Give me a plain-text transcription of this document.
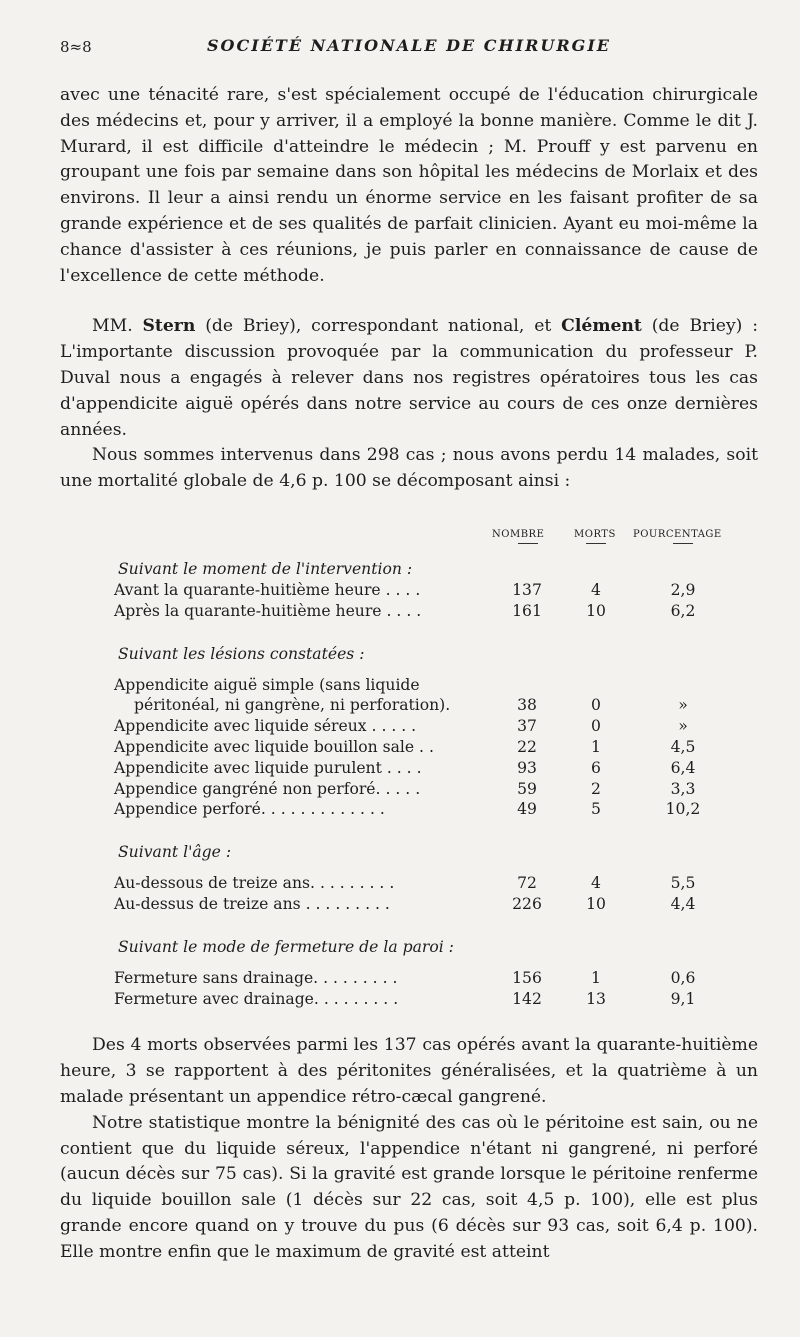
8≈8	SOCIÉTÉ NATIONALE DE CHIRURGIE

avec une ténacité rare, s'est spécialement occupé de l'éducation chirurgicale des médecins et, pour y arriver, il a employé la bonne manière. Comme le dit J. Murard, il est difficile d'atteindre le médecin ; M. Prouff y est parvenu en groupant une fois par semaine dans son hôpital les médecins de Morlaix et des environs. Il leur a ainsi rendu un énorme service en les faisant profiter de sa grande expérience et de ses qualités de parfait clinicien. Ayant eu moi-même la chance d'assister à ces réunions, je puis parler en connaissance de cause de l'excellence de cette méthode.

MM. Stern (de Briey), correspondant national, et Clément (de Briey) : L'importante discussion provoquée par la communication du professeur P. Duval nous a engagés à relever dans nos registres opératoires tous les cas d'appendicite aiguë opérés dans notre service au cours de ces onze dernières années.

Nous sommes intervenus dans 298 cas ; nous avons perdu 14 malades, soit une mortalité globale de 4,6 p. 100 se décomposant ainsi :

NOMBRE	MORTS POURCENTAGE
Suivant le moment de l'intervention :
Avant la quarante-huitième heure . . . .	137	4	2,9
Après la quarante-huitième heure . . . .	161	10	6,2
Suivant les lésions constatées :
Appendicite aiguë simple (sans liquide
péritonéal, ni gangrène, ni perforation).	38	0	»
Appendicite avec liquide séreux . . . . .	37	0	»
Appendicite avec liquide bouillon sale . .	22	1	4,5
Appendicite avec liquide purulent . . . .	93	6	6,4
Appendice gangréné non perforé. . . . .	59	2	3,3
Appendice perforé. . . . . . . . . . . . .	49	5	10,2
Suivant l'âge :
Au-dessous de treize ans. . . . . . . . .	72	4	5,5
Au-dessus de treize ans . . . . . . . . .	226	10	4,4
Suivant le mode de fermeture de la paroi :
Fermeture sans drainage. . . . . . . . .	156	1	0,6
Fermeture avec drainage. . . . . . . . .	142	13	9,1

Des 4 morts observées parmi les 137 cas opérés avant la quarante-huitième heure, 3 se rapportent à des péritonites généralisées, et la quatrième à un malade présentant un appendice rétro-cæcal gangrené.

Notre statistique montre la bénignité des cas où le péritoine est sain, ou ne contient que du liquide séreux, l'appendice n'étant ni gangrené, ni perforé (aucun décès sur 75 cas). Si la gravité est grande lorsque le péritoine renferme du liquide bouillon sale (1 décès sur 22 cas, soit 4,5 p. 100), elle est plus grande encore quand on y trouve du pus (6 décès sur 93 cas, soit 6,4 p. 100). Elle montre enfin que le maximum de gravité est atteint
